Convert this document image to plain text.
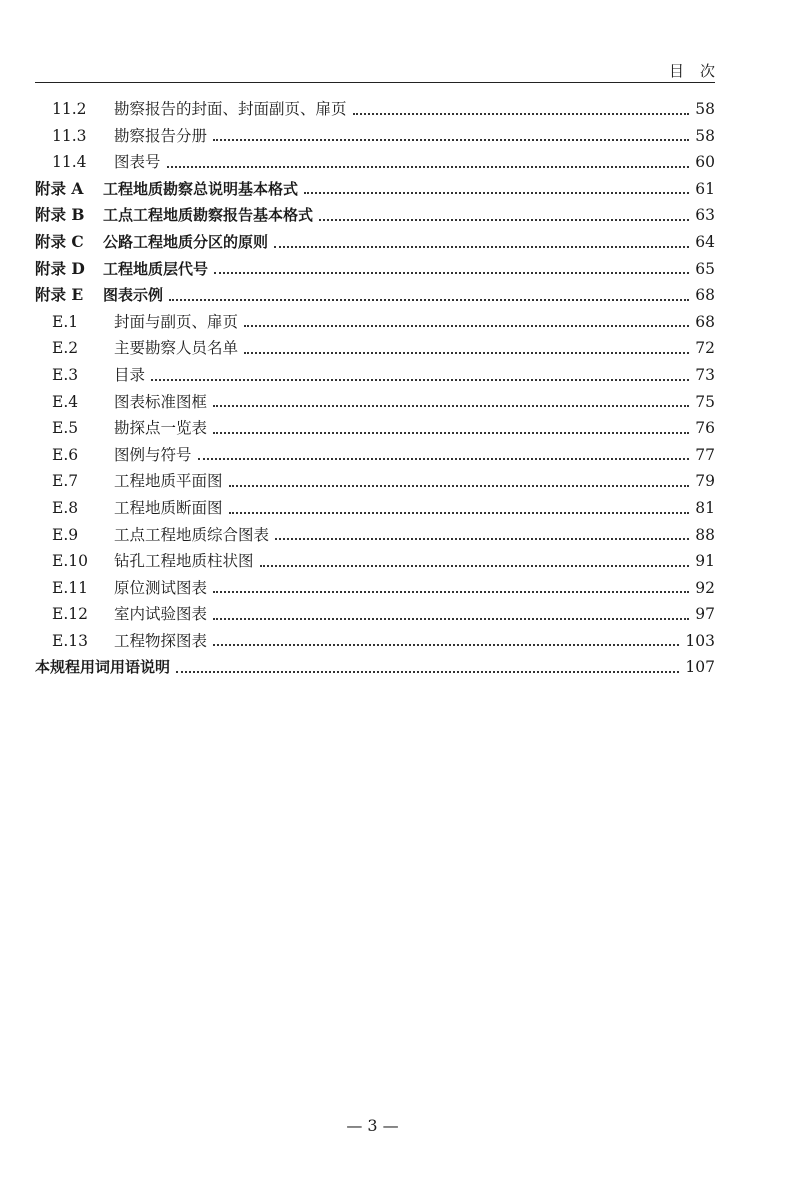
目次
11.2	勘察报告的封面、封面副页、扉页	58
11.3	勘察报告分册	58
11.4	图表号	60
附录 A	工程地质勘察总说明基本格式	61
附录 B	工点工程地质勘察报告基本格式	63
附录 C	公路工程地质分区的原则	64
附录 D	工程地质层代号	65
附录 E	图表示例	68
E.1	封面与副页、扉页	68
E.2	主要勘察人员名单	72
E.3	目录	73
E.4	图表标准图框	75
E.5	勘探点一览表	76
E.6	图例与符号	77
E.7	工程地质平面图	79
E.8	工程地质断面图	81
E.9	工点工程地质综合图表	88
E.10	钻孔工程地质柱状图	91
E.11	原位测试图表	92
E.12	室内试验图表	97
E.13	工程物探图表	103
本规程用词用语说明	107
— 3 —
